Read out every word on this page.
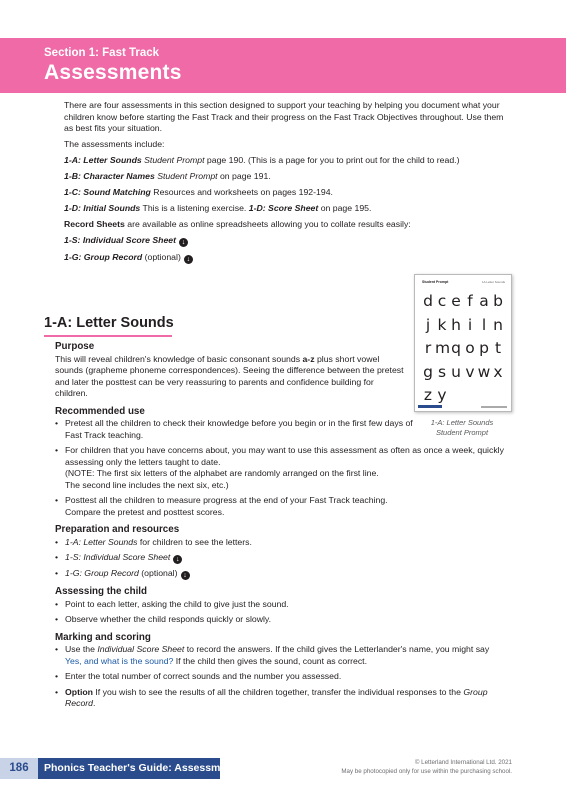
Section 1: Fast Track
Assessments

There are four assessments in this section designed to support your teaching by helping you document what your children know before starting the Fast Track and their progress on the Fast Track Objectives throughout. Use them as best fits your situation.

The assessments include:

1-A: Letter Sounds Student Prompt page 190. (This is a page for you to print out for the child to read.)

1-B: Character Names Student Prompt on page 191.

1-C: Sound Matching Resources and worksheets on pages 192-194.

1-D: Initial Sounds This is a listening exercise. 1-D: Score Sheet on page 195.

Record Sheets are available as online spreadsheets allowing you to collate results easily:

1-S: Individual Score Sheet ↓

1-G: Group Record (optional) ↓

Student Prompt	1A Letter Sounds
d c e f a b
j k h i l n
r m q o p t
g s u v w x
z y
1-A: Letter Sounds
Student Prompt
1-A: Letter Sounds
Purpose

This will reveal children's knowledge of basic consonant sounds a-z plus short vowel sounds (grapheme phoneme correspondences). Seeing the difference between the pretest and later the posttest can be very reassuring to parents and confidence building for children.

Recommended use
• Pretest all the children to check their knowledge before you begin or in the first few days of Fast Track teaching.
• For children that you have concerns about, you may want to use this assessment as often as once a week, quickly assessing only the letters taught to date.
(NOTE: The first six letters of the alphabet are randomly arranged on the first line.
The second line includes the next six, etc.)
• Posttest all the children to measure progress at the end of your Fast Track teaching. Compare the pretest and posttest scores.
Preparation and resources
• 1-A: Letter Sounds for children to see the letters.
• 1-S: Individual Score Sheet ↓
• 1-G: Group Record (optional) ↓
Assessing the child
• Point to each letter, asking the child to give just the sound.
• Observe whether the child responds quickly or slowly.
Marking and scoring
• Use the Individual Score Sheet to record the answers. If the child gives the Letterlander's name, you might say Yes, and what is the sound? If the child then gives the sound, count as correct.
• Enter the total number of correct sounds and the number you assessed.
• Option If you wish to see the results of all the children together, transfer the individual responses to the Group Record.
186	Phonics Teacher's Guide: Assessment	© Letterland International Ltd. 2021
May be photocopied only for use within the purchasing school.
